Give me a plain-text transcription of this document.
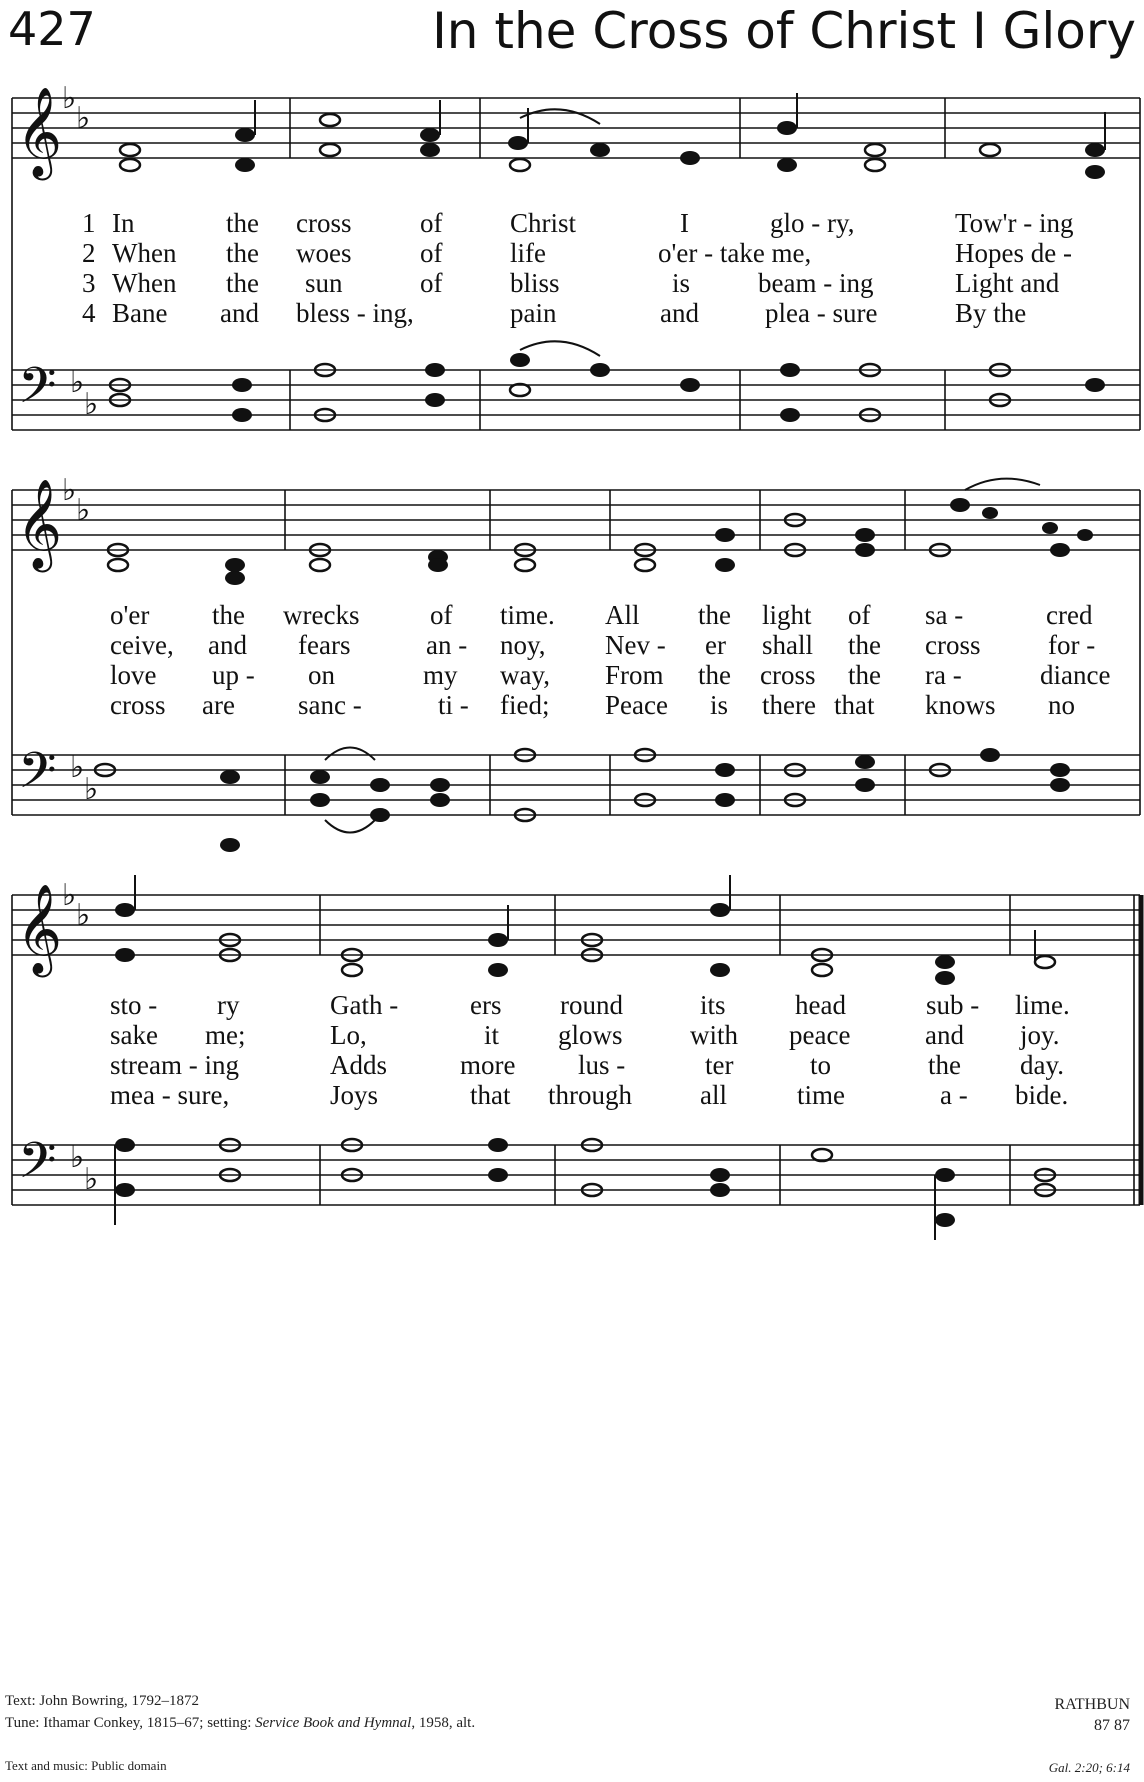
427	In the Cross of Christ I Glory
𝄞
𝄢
𝄞
𝄢
𝄞
𝄢
♭
♭
♭
♭
♭
♭
♭
♭
♭
♭
♭
♭
1 In	the cross	of	Christ	I	glo - ry,	Tow'r - ing
2 When the woes	of	life	o'er - take me,	Hopes de -
3 When the sun	of	bliss	is	beam - ing	Light and
4 Bane and bless - ing,	pain	and plea - sure	By the
o'er the wrecks	of time. All the light of sa -	cred
ceive, and fears	an - noy, Nev - er shall the cross	for -
love up - on	my way, From the cross the ra -	diance
cross are sanc -	ti - fied; Peace is there that knows no
sto - ry	Gath -	ers round	its	head	sub - lime.
sake me;	Lo,	it glows with peace	and joy.
stream - ing	Adds	more lus -	ter	to	the day.
mea - sure,	Joys	that through	all	time	a - bide.
Text: John Bowring, 1792–1872
Tune: Ithamar Conkey, 1815–67; setting: Service Book and Hymnal, 1958, alt.
Text and music: Public domain
RATHBUN
87 87
Gal. 2:20; 6:14
